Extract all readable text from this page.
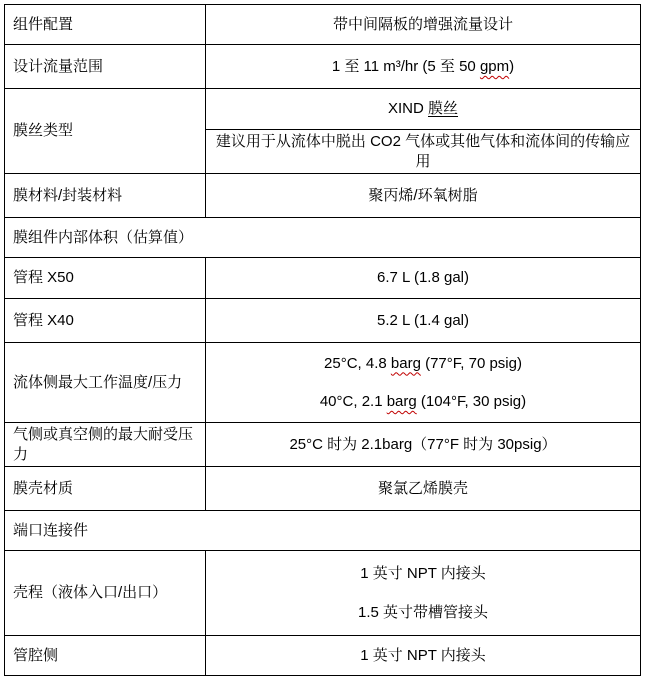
组件配置	带中间隔板的增强流量设计
设计流量范围	1 至 11 m³/hr (5 至 50 gpm)
膜丝类型	XIND 膜丝
	建议用于从流体中脱出 CO2 气体或其他气体和流体间的传输应用
膜材料/封装材料	聚丙烯/环氧树脂
膜组件内部体积（估算值）	
管程 X50	6.7 L (1.8 gal)
管程 X40	5.2 L (1.4 gal)
流体侧最大工作温度/压力	25°C, 4.8 barg (77°F, 70 psig)
40°C, 2.1 barg (104°F, 30 psig)

气侧或真空侧的最大耐受压力	25°C 时为 2.1barg（77°F 时为 30psig）
膜壳材质	聚氯乙烯膜壳
端口连接件	
壳程（液体入口/出口）	1 英寸 NPT 内接头
1.5 英寸带槽管接头

管腔侧	1 英寸 NPT 内接头
